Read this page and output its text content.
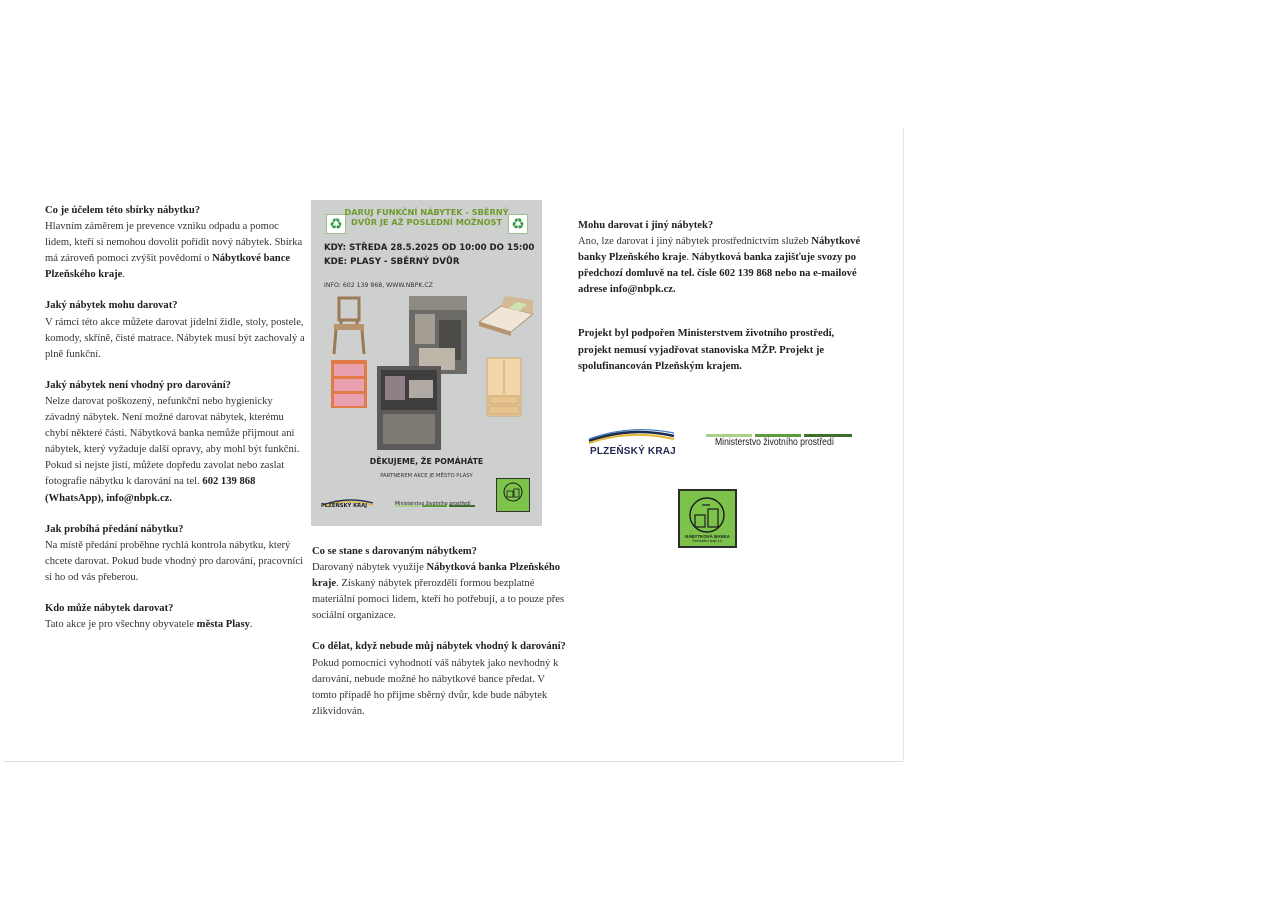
Co je účelem této sbírky nábytku?
Hlavním záměrem je prevence vzniku odpadu a pomoc lidem, kteří si nemohou dovolit pořídit nový nábytek. Sbírka má zároveň pomoci zvýšit povědomí o Nábytkové bance Plzeňského kraje.

Jaký nábytek mohu darovat?
V rámci této akce můžete darovat jídelní židle, stoly, postele, komody, skříně, čisté matrace. Nábytek musí být zachovalý a plně funkční.

Jaký nábytek není vhodný pro darování?
Nelze darovat poškozený, nefunkční nebo hygienicky závadný nábytek. Není možné darovat nábytek, kterému chybí některé části. Nábytková banka nemůže přijmout ani nábytek, který vyžaduje další opravy, aby mohl být funkční. Pokud si nejste jistí, můžete dopředu zavolat nebo zaslat fotografie nábytku k darování na tel. 602 139 868 (WhatsApp), info@nbpk.cz.

Jak probíhá předání nábytku?
Na místě předání proběhne rychlá kontrola nábytku, který chcete darovat. Pokud bude vhodný pro darování, pracovníci si ho od vás přeberou.

Kdo může nábytek darovat?
Tato akce je pro všechny obyvatele města Plasy.

♻	♻
DARUJ FUNKČNÍ NÁBYTEK - SBĚRNÝ DVŮR JE AŽ POSLEDNÍ MOŽNOST
KDY: STŘEDA 28.5.2025 OD 10:00 DO 15:00
KDE: PLASY - SBĚRNÝ DVŮR
INFO: 602 139 868, WWW.NBPK.CZ
DĚKUJEME, ŽE POMÁHÁTE
PARTNEREM AKCE JE MĚSTO PLASY
PLZEŇSKÝ KRAJ	Ministerstvo životního prostředí

Co se stane s darovaným nábytkem?
Darovaný nábytek využije Nábytková banka Plzeňského kraje. Získaný nábytek přerozdělí formou bezplatné materiální pomoci lidem, kteří ho potřebují, a to pouze přes sociální organizace.

Co dělat, když nebude můj nábytek vhodný k darování?
Pokud pomocníci vyhodnotí váš nábytek jako nevhodný k darování, nebude možné ho nábytkové bance předat. V tomto případě ho přijme sběrný dvůr, kde bude nábytek zlikvidován.

Mohu darovat i jiný nábytek?
Ano, lze darovat i jiný nábytek prostřednictvím služeb Nábytkové banky Plzeňského kraje. Nábytková banka zajišťuje svozy po předchozí domluvě na tel. čísle 602 139 868 nebo na e-mailové adrese info@nbpk.cz.

Projekt byl podpořen Ministerstvem životního prostředí, projekt nemusí vyjadřovat stanoviska MŽP. Projekt je spolufinancován Plzeňským krajem.

PLZEŇSKÝ KRAJ
Ministerstvo životního prostředí
NÁBYTKOVÁ BANKA
Plzeňského kraje z.s.
